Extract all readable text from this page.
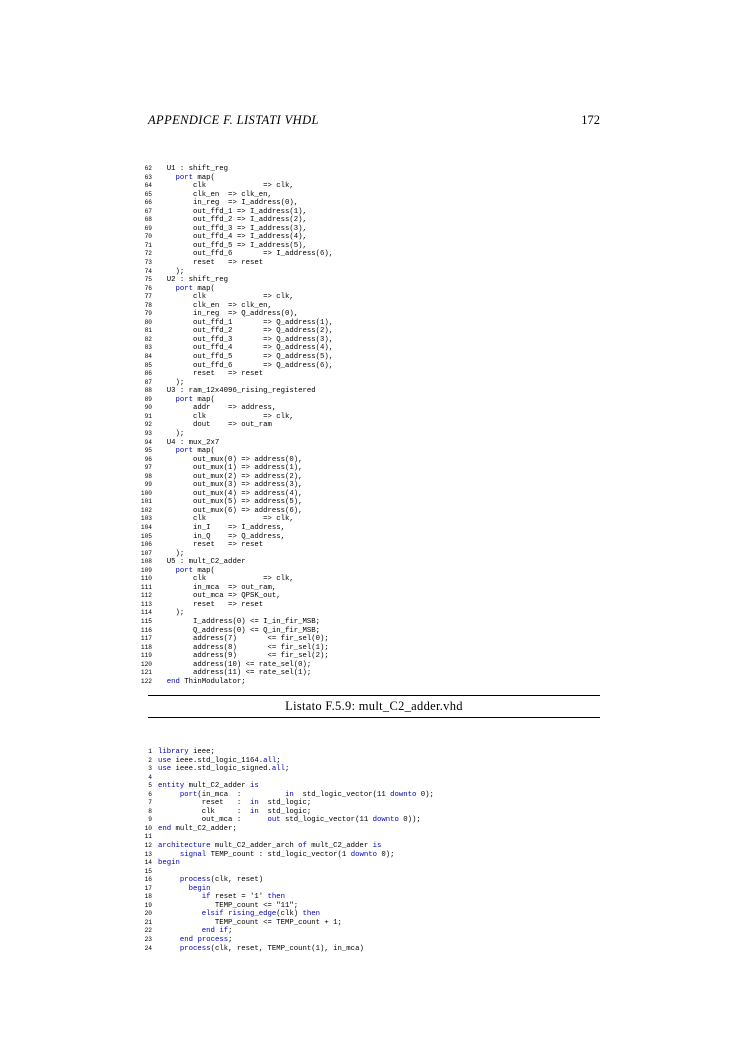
APPENDICE F. LISTATI VHDL	172
62 U1 : shift_reg
63	port map(
64 clk             => clk,
65 clk_en  => clk_en,
66 in_reg  => I_address(0),
67 out_ffd_1 => I_address(1),
68 out_ffd_2 => I_address(2),
69 out_ffd_3 => I_address(3),
70 out_ffd_4 => I_address(4),
71 out_ffd_5 => I_address(5),
72 out_ffd_6       => I_address(6),
73 reset   => reset
74 );
75 U2 : shift_reg
76	port map(
77 clk             => clk,
78 clk_en  => clk_en,
79 in_reg  => Q_address(0),
80 out_ffd_1       => Q_address(1),
81 out_ffd_2       => Q_address(2),
82 out_ffd_3       => Q_address(3),
83 out_ffd_4       => Q_address(4),
84 out_ffd_5       => Q_address(5),
85 out_ffd_6       => Q_address(6),
86 reset   => reset
87 );
88 U3 : ram_12x4096_rising_registered
89	port map(
90 addr    => address,
91 clk             => clk,
92 dout    => out_ram
93 );
94 U4 : mux_2x7
95	port map(
96 out_mux(0) => address(0),
97 out_mux(1) => address(1),
98 out_mux(2) => address(2),
99 out_mux(3) => address(3),
100 out_mux(4) => address(4),
101 out_mux(5) => address(5),
102 out_mux(6) => address(6),
103 clk             => clk,
104 in_I    => I_address,
105 in_Q    => Q_address,
106 reset   => reset
107 );
108 U5 : mult_C2_adder
109	port map(
110 clk             => clk,
111 in_mca  => out_ram,
112 out_mca => QPSK_out,
113 reset   => reset
114 );
115 I_address(0) <= I_in_fir_MSB;
116 Q_address(0) <= Q_in_fir_MSB;
117 address(7)       <= fir_sel(0);
118 address(8)       <= fir_sel(1);
119 address(9)       <= fir_sel(2);
120 address(10) <= rate_sel(0);
121 address(11) <= rate_sel(1);
122	end ThinModulator;
Listato F.5.9: mult_C2_adder.vhd
1 library ieee;
2 use ieee.std_logic_1164.all;
3 use ieee.std_logic_signed.all;
4

5 entity mult_C2_adder is
6	port(in_mca  :          in  std_logic_vector(11 downto 0);
7 reset   :  in  std_logic;
8 clk     :  in  std_logic;
9 out_mca :      out std_logic_vector(11 downto 0));
10 end mult_C2_adder;
11

12 architecture mult_C2_adder_arch of mult_C2_adder is
13	signal TEMP_count : std_logic_vector(1 downto 0);
14 begin
15

16	process(clk, reset)
17	begin
18	if reset = '1' then
19 TEMP_count <= "11";
20	elsif rising_edge(clk) then
21 TEMP_count <= TEMP_count + 1;
22	end if;
23	end process;
24	process(clk, reset, TEMP_count(1), in_mca)
